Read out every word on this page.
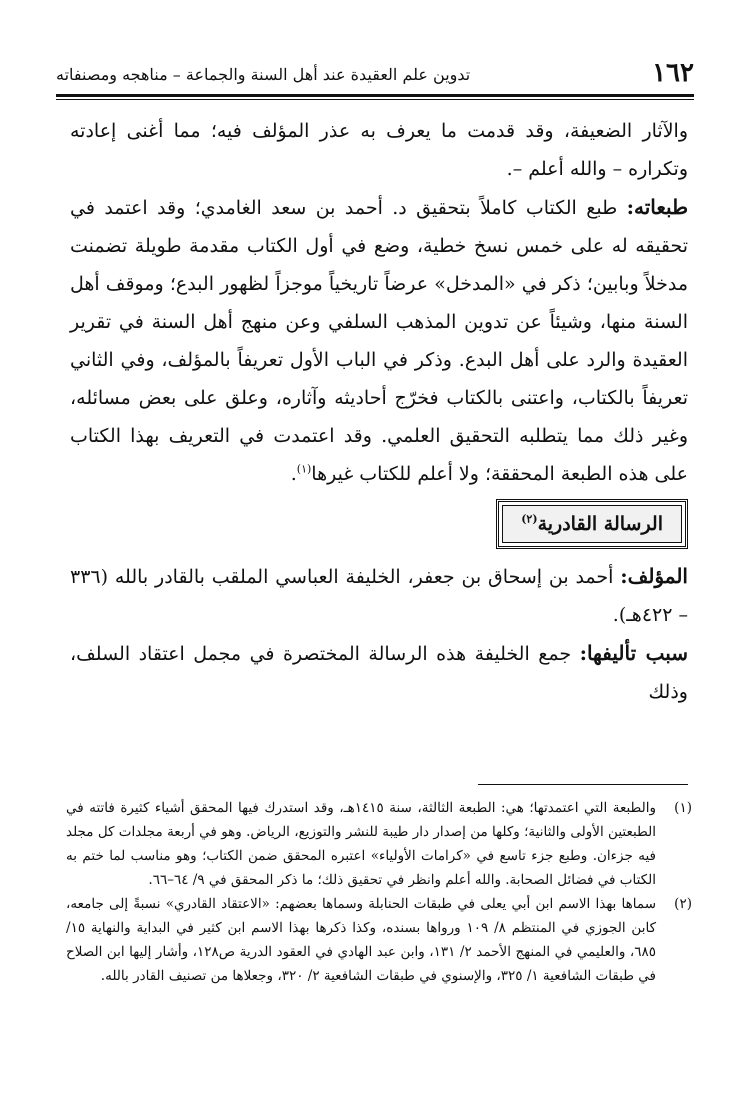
١٦٢
تدوين علم العقيدة عند أهل السنة والجماعة – مناهجه ومصنفاته

والآثار الضعيفة، وقد قدمت ما يعرف به عذر المؤلف فيه؛ مما أغنى إعادته وتكراره – والله أعلم –.

طبعاته: طبع الكتاب كاملاً بتحقيق د. أحمد بن سعد الغامدي؛ وقد اعتمد في تحقيقه له على خمس نسخ خطية، وضع في أول الكتاب مقدمة طويلة تضمنت مدخلاً وبابين؛ ذكر في «المدخل» عرضاً تاريخياً موجزاً لظهور البدع؛ وموقف أهل السنة منها، وشيئاً عن تدوين المذهب السلفي وعن منهج أهل السنة في تقرير العقيدة والرد على أهل البدع. وذكر في الباب الأول تعريفاً بالمؤلف، وفي الثاني تعريفاً بالكتاب، واعتنى بالكتاب فخرّج أحاديثه وآثاره، وعلق على بعض مسائله، وغير ذلك مما يتطلبه التحقيق العلمي. وقد اعتمدت في التعريف بهذا الكتاب على هذه الطبعة المحققة؛ ولا أعلم للكتاب غيرها$^{(١)}$.

الرسالة القادرية$^{(٢)}$

المؤلف: أحمد بن إسحاق بن جعفر، الخليفة العباسي الملقب بالقادر بالله (٣٣٦ – ٤٢٢هـ).

سبب تأليفها: جمع الخليفة هذه الرسالة المختصرة في مجمل اعتقاد السلف، وذلك

(١)
والطبعة التي اعتمدتها؛ هي: الطبعة الثالثة، سنة ١٤١٥هـ، وقد استدرك فيها المحقق أشياء كثيرة فاتته في الطبعتين الأولى والثانية؛ وكلها من إصدار دار طيبة للنشر والتوزيع، الرياض. وهو في أربعة مجلدات كل مجلد فيه جزءان. وطبع جزء تاسع في «كرامات الأولياء» اعتبره المحقق ضمن الكتاب؛ وهو مناسب لما ختم به الكتاب في فضائل الصحابة. والله أعلم وانظر في تحقيق ذلك؛ ما ذكر المحقق في ٩/ ٦٤–٦٦.

(٢)
سماها بهذا الاسم ابن أبي يعلى في طبقات الحنابلة وسماها بعضهم: «الاعتقاد القادري» نسبةً إلى جامعه، كابن الجوزي في المنتظم ٨/ ١٠٩ ورواها بسنده، وكذا ذكرها بهذا الاسم ابن كثير في البداية والنهاية ١٥/ ٦٨٥، والعليمي في المنهج الأحمد ٢/ ١٣١، وابن عبد الهادي في العقود الدرية ص١٢٨، وأشار إليها ابن الصلاح في طبقات الشافعية ١/ ٣٢٥، والإسنوي في طبقات الشافعية ٢/ ٣٢٠، وجعلاها من تصنيف القادر بالله.
